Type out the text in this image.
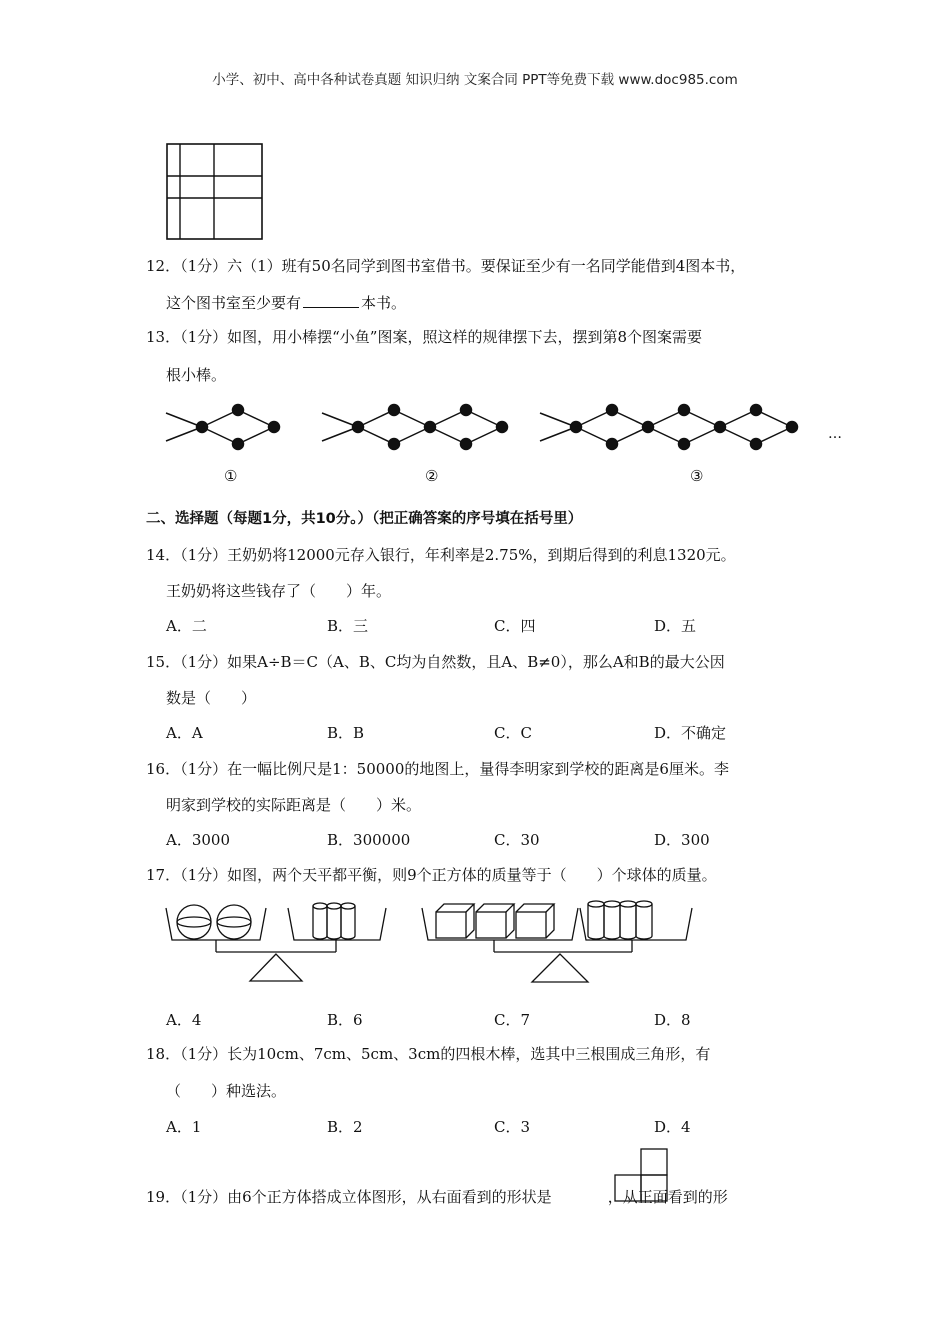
小学、初中、高中各种试卷真题 知识归纳 文案合同 PPT等免费下载 www.doc985.com
12．（1分）六（1）班有50名同学到图书室借书。要保证至少有一名同学能借到4图本书，
这个图书室至少要有	本书。
13．（1分）如图，用小棒摆“小鱼”图案，照这样的规律摆下去，摆到第8个图案需要
根小棒。
…
①	②	③
二、选择题（每题1分，共10分。）（把正确答案的序号填在括号里）
14．（1分）王奶奶将12000元存入银行，年利率是2.75%，到期后得到的利息1320元。
王奶奶将这些钱存了（　　）年。
A．二	B．三	C．四	D．五
15．（1分）如果A÷B＝C（A、B、C均为自然数，且A、B≠0），那么A和B的最大公因
数是（　　）
A．A	B．B	C．C	D．不确定
16．（1分）在一幅比例尺是1：50000的地图上，量得李明家到学校的距离是6厘米。李
明家到学校的实际距离是（　　）米。
A．3000	B．300000	C．30	D．300
17．（1分）如图，两个天平都平衡，则9个正方体的质量等于（　　）个球体的质量。
A．4	B．6	C．7	D．8
18．（1分）长为10cm、7cm、5cm、3cm的四根木棒，选其中三根围成三角形，有
（　　）种选法。
A．1	B．2	C．3	D．4
19．（1分）由6个正方体搭成立体图形，从右面看到的形状是	，从正面看到的形
